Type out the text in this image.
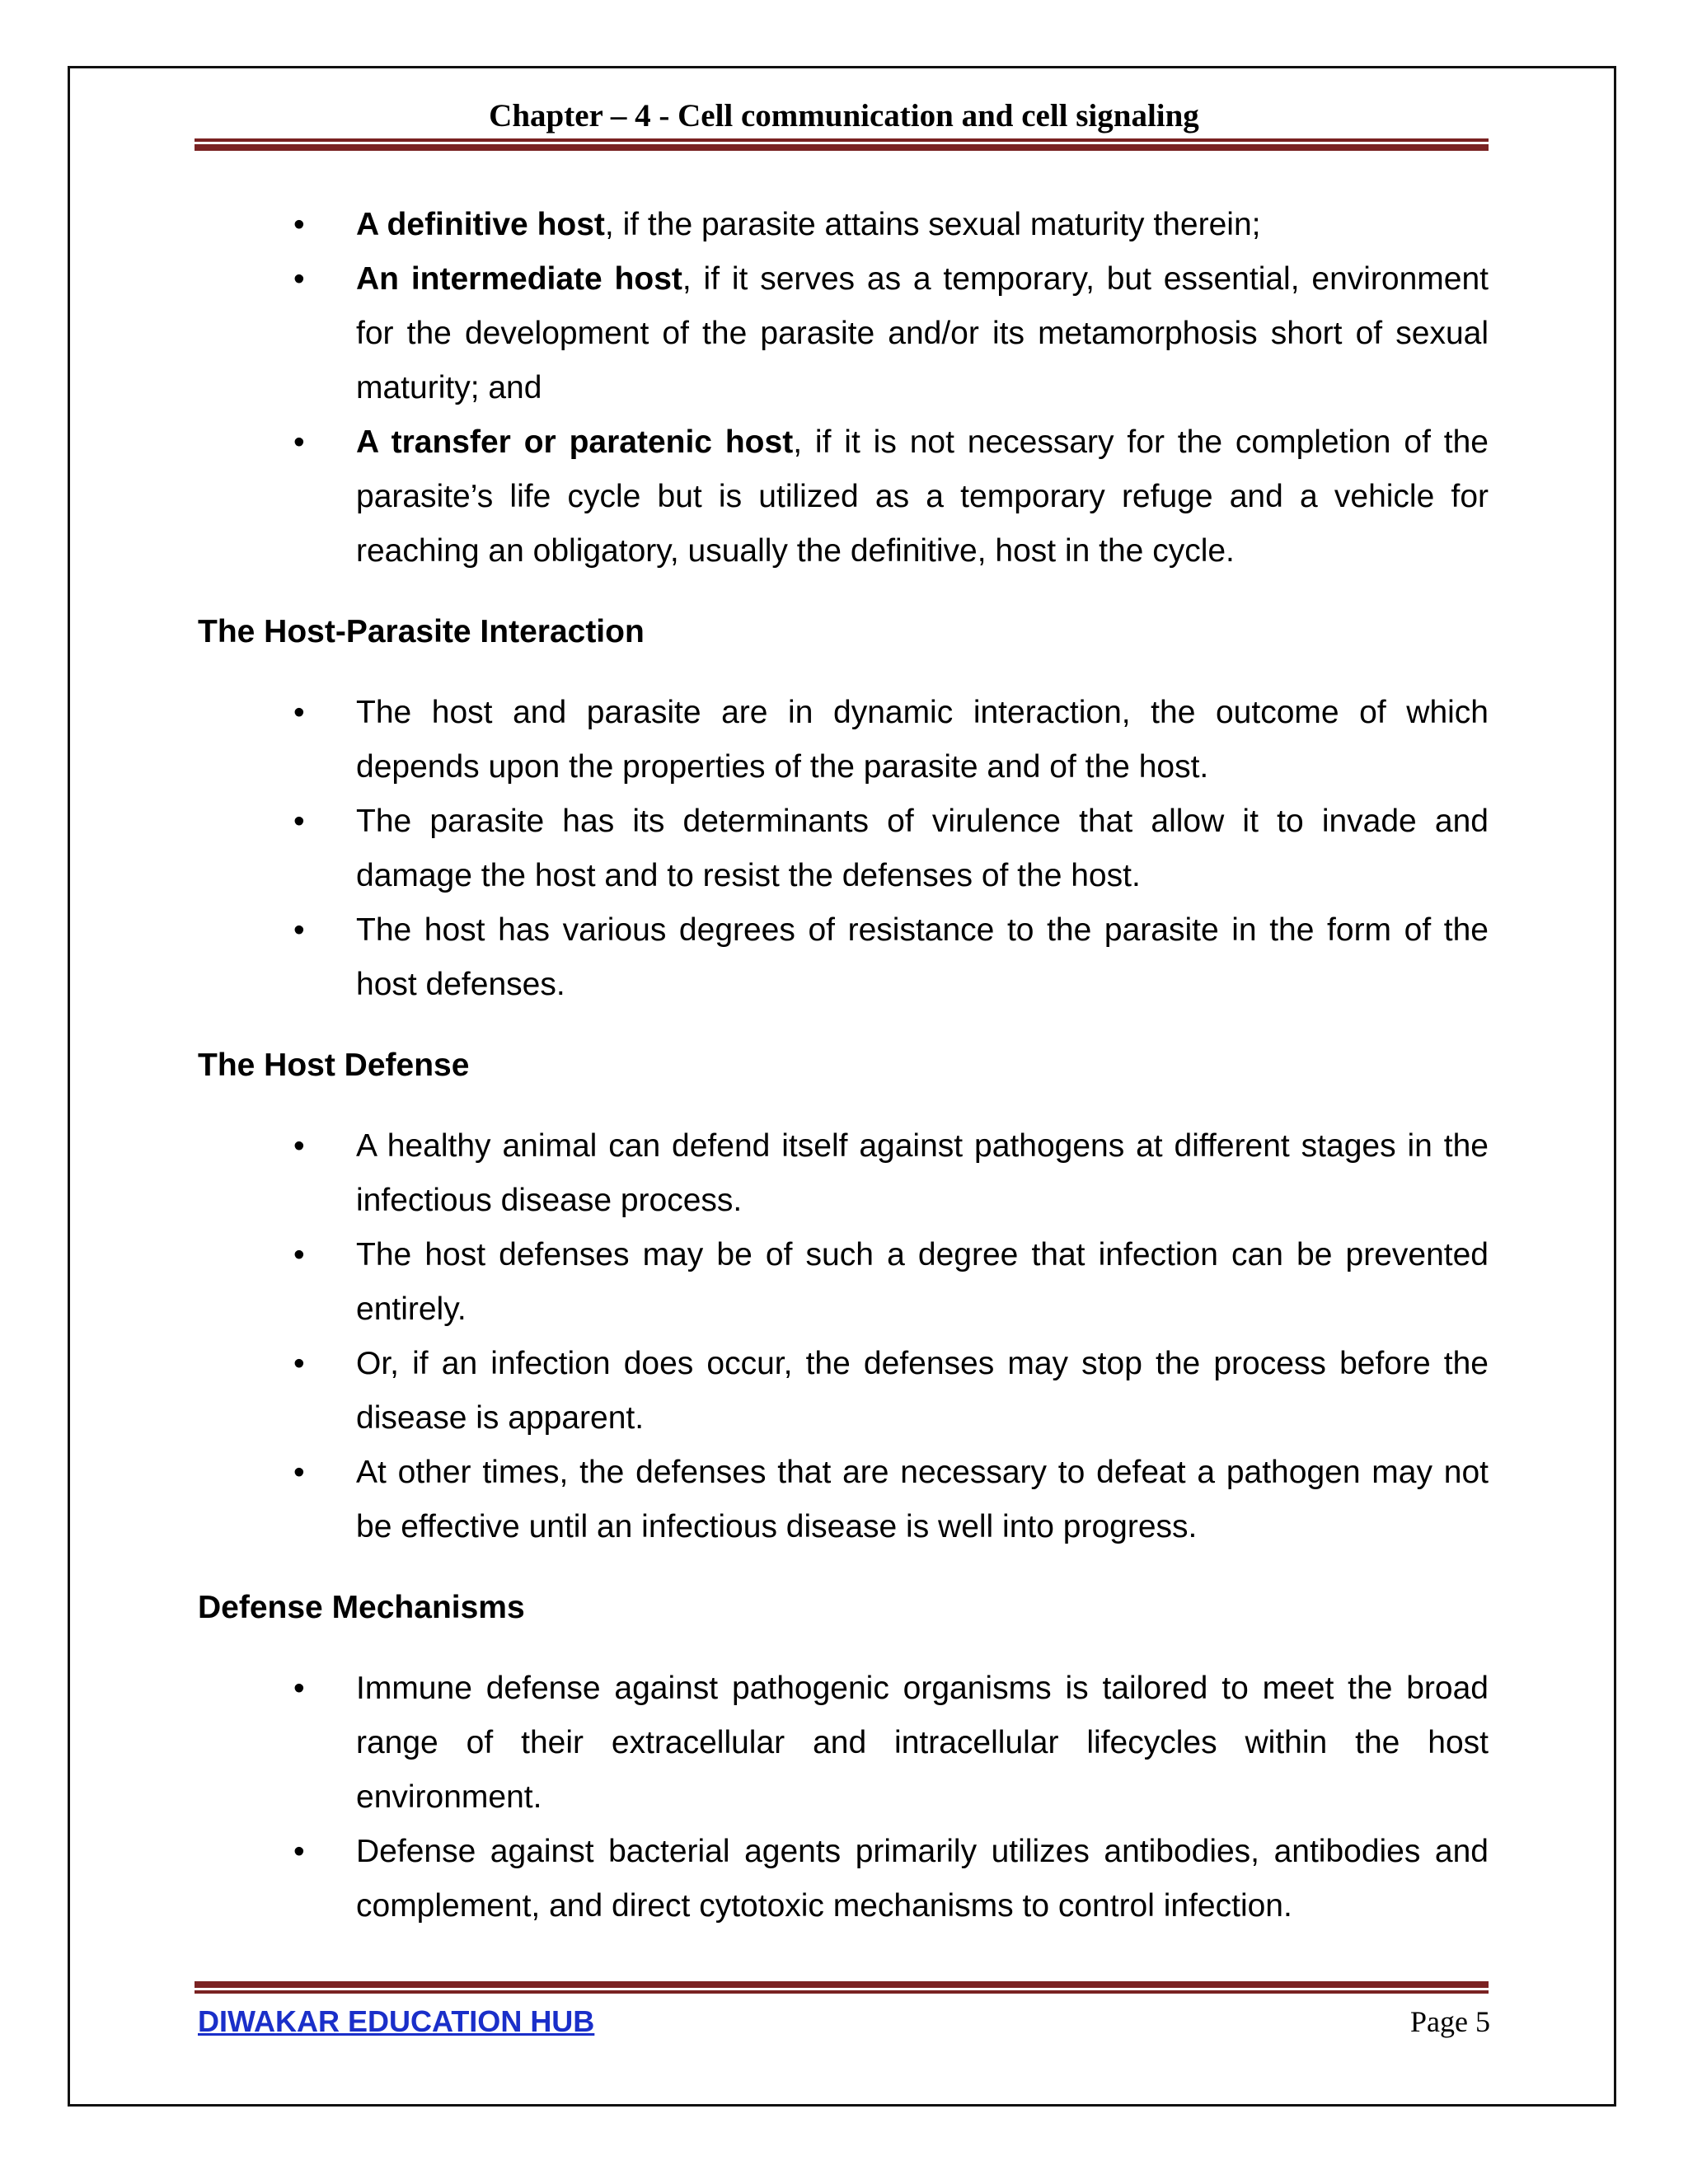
Chapter – 4 - Cell communication and cell signaling
• A definitive host, if the parasite attains sexual maturity therein;
• An intermediate host, if it serves as a temporary, but essential, environment for the development of the parasite and/or its metamorphosis short of sexual maturity; and
• A transfer or paratenic host, if it is not necessary for the completion of the parasite’s life cycle but is utilized as a temporary refuge and a vehicle for reaching an obligatory, usually the definitive, host in the cycle.
The Host-Parasite Interaction
• The host and parasite are in dynamic interaction, the outcome of which depends upon the properties of the parasite and of the host.
• The parasite has its determinants of virulence that allow it to invade and damage the host and to resist the defenses of the host.
• The host has various degrees of resistance to the parasite in the form of the host defenses.
The Host Defense
• A healthy animal can defend itself against pathogens at different stages in the infectious disease process.
• The host defenses may be of such a degree that infection can be prevented entirely.
• Or, if an infection does occur, the defenses may stop the process before the disease is apparent.
• At other times, the defenses that are necessary to defeat a pathogen may not be effective until an infectious disease is well into progress.
Defense Mechanisms
• Immune defense against pathogenic organisms is tailored to meet the broad range of their extracellular and intracellular lifecycles within the host environment.
• Defense against bacterial agents primarily utilizes antibodies, antibodies and complement, and direct cytotoxic mechanisms to control infection.
DIWAKAR EDUCATION HUB	Page 5
